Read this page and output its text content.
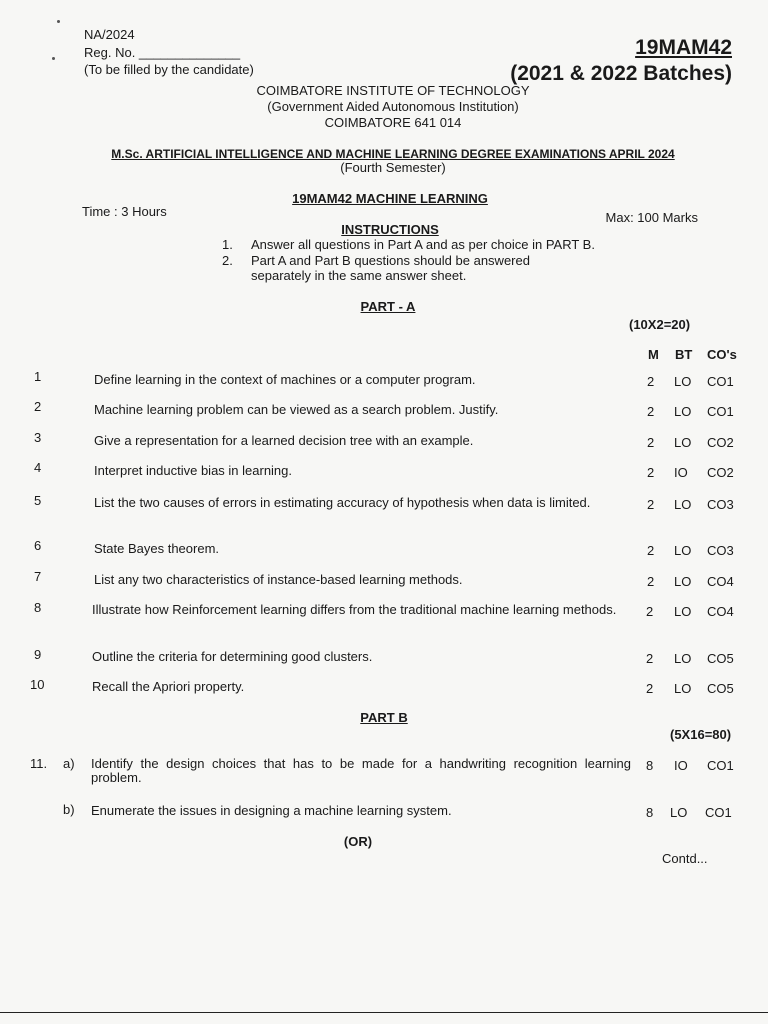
NA/2024
Reg. No. ______________
(To be filled by the candidate)
19MAM42
(2021 & 2022 Batches)
COIMBATORE INSTITUTE OF TECHNOLOGY
(Government Aided Autonomous Institution)
COIMBATORE 641 014
M.Sc. ARTIFICIAL INTELLIGENCE AND MACHINE LEARNING DEGREE EXAMINATIONS APRIL 2024
(Fourth Semester)
19MAM42 MACHINE LEARNING
Time : 3 Hours	Max: 100 Marks
INSTRUCTIONS
1. Answer all questions in Part A and as per choice in PART B.
2. Part A and Part B questions should be answered
separately in the same answer sheet.
PART - A
(10X2=20)
M BT CO's
1	Define learning in the context of machines or a computer program.	2 LO CO1
2	Machine learning problem can be viewed as a search problem. Justify.	2 LO CO1
3	Give a representation for a learned decision tree with an example.	2 LO CO2
4	Interpret inductive bias in learning.	2 IO CO2
5	List the two causes of errors in estimating accuracy of hypothesis when data is limited.	2 LO CO3
6	State Bayes theorem.	2 LO CO3
7	List any two characteristics of instance-based learning methods.	2 LO CO4
8	Illustrate how Reinforcement learning differs from the traditional machine learning methods.	2 LO CO4
9	Outline the criteria for determining good clusters.	2 LO CO5
10	Recall the Apriori property.	2 LO CO5
PART B
(5X16=80)
11. a) Identify the design choices that has to be made for a handwriting recognition learning problem.
8 IO CO1
b) Enumerate the issues in designing a machine learning system.	8 LO CO1
(OR)
Contd...
